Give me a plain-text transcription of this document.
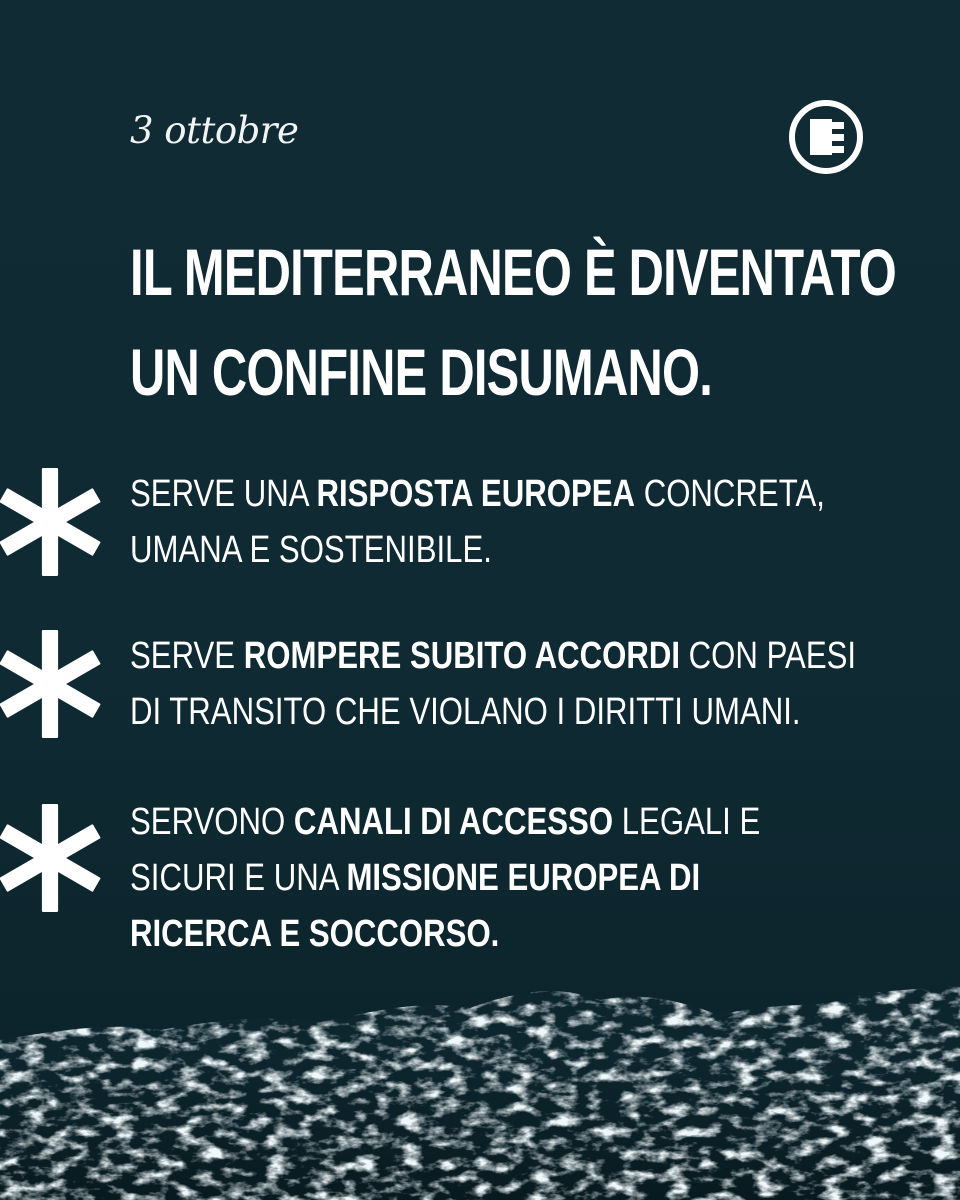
3 ottobre
IL MEDITERRANEO È DIVENTATO
UN CONFINE DISUMANO.
SERVE UNA RISPOSTA EUROPEA CONCRETA,
UMANA E SOSTENIBILE.
SERVE ROMPERE SUBITO ACCORDI CON PAESI
DI TRANSITO CHE VIOLANO I DIRITTI UMANI.
SERVONO CANALI DI ACCESSO LEGALI E
SICURI E UNA MISSIONE EUROPEA DI
RICERCA E SOCCORSO.
